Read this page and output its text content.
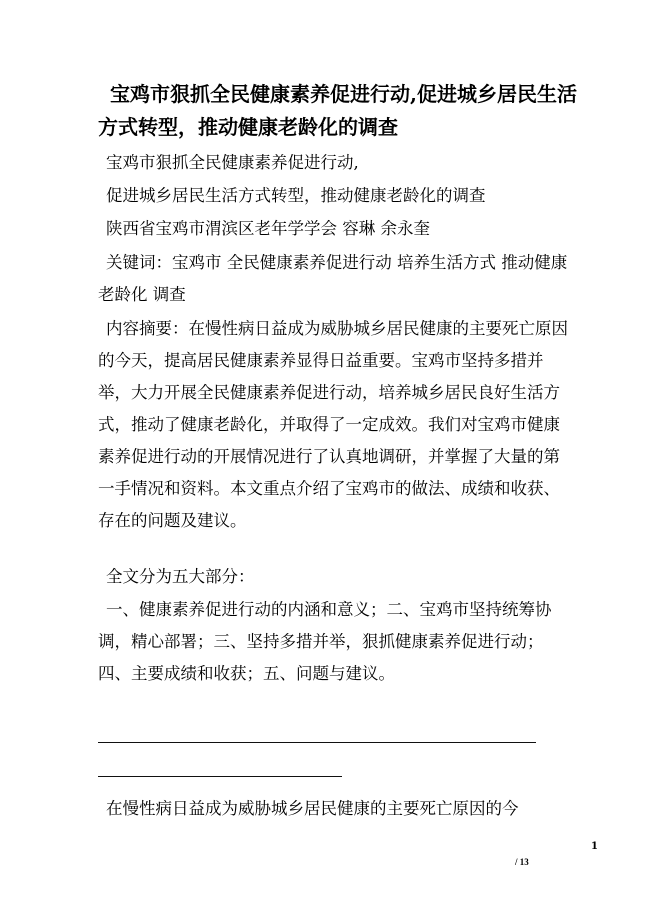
宝鸡市狠抓全民健康素养促进行动,促进城乡居民生活方式转型，推动健康老龄化的调查

宝鸡市狠抓全民健康素养促进行动,

促进城乡居民生活方式转型，推动健康老龄化的调查

陕西省宝鸡市渭滨区老年学学会 容琳 余永奎

关键词：宝鸡市 全民健康素养促进行动 培养生活方式 推动健康老龄化 调查

内容摘要：在慢性病日益成为威胁城乡居民健康的主要死亡原因的今天，提高居民健康素养显得日益重要。宝鸡市坚持多措并举，大力开展全民健康素养促进行动，培养城乡居民良好生活方式，推动了健康老龄化，并取得了一定成效。我们对宝鸡市健康素养促进行动的开展情况进行了认真地调研，并掌握了大量的第一手情况和资料。本文重点介绍了宝鸡市的做法、成绩和收获、存在的问题及建议。

全文分为五大部分：

一、健康素养促进行动的内涵和意义；二、宝鸡市坚持统筹协调，精心部署；三、坚持多措并举，狠抓健康素养促进行动；四、主要成绩和收获；五、问题与建议。

在慢性病日益成为威胁城乡居民健康的主要死亡原因的今

1
/ 13
